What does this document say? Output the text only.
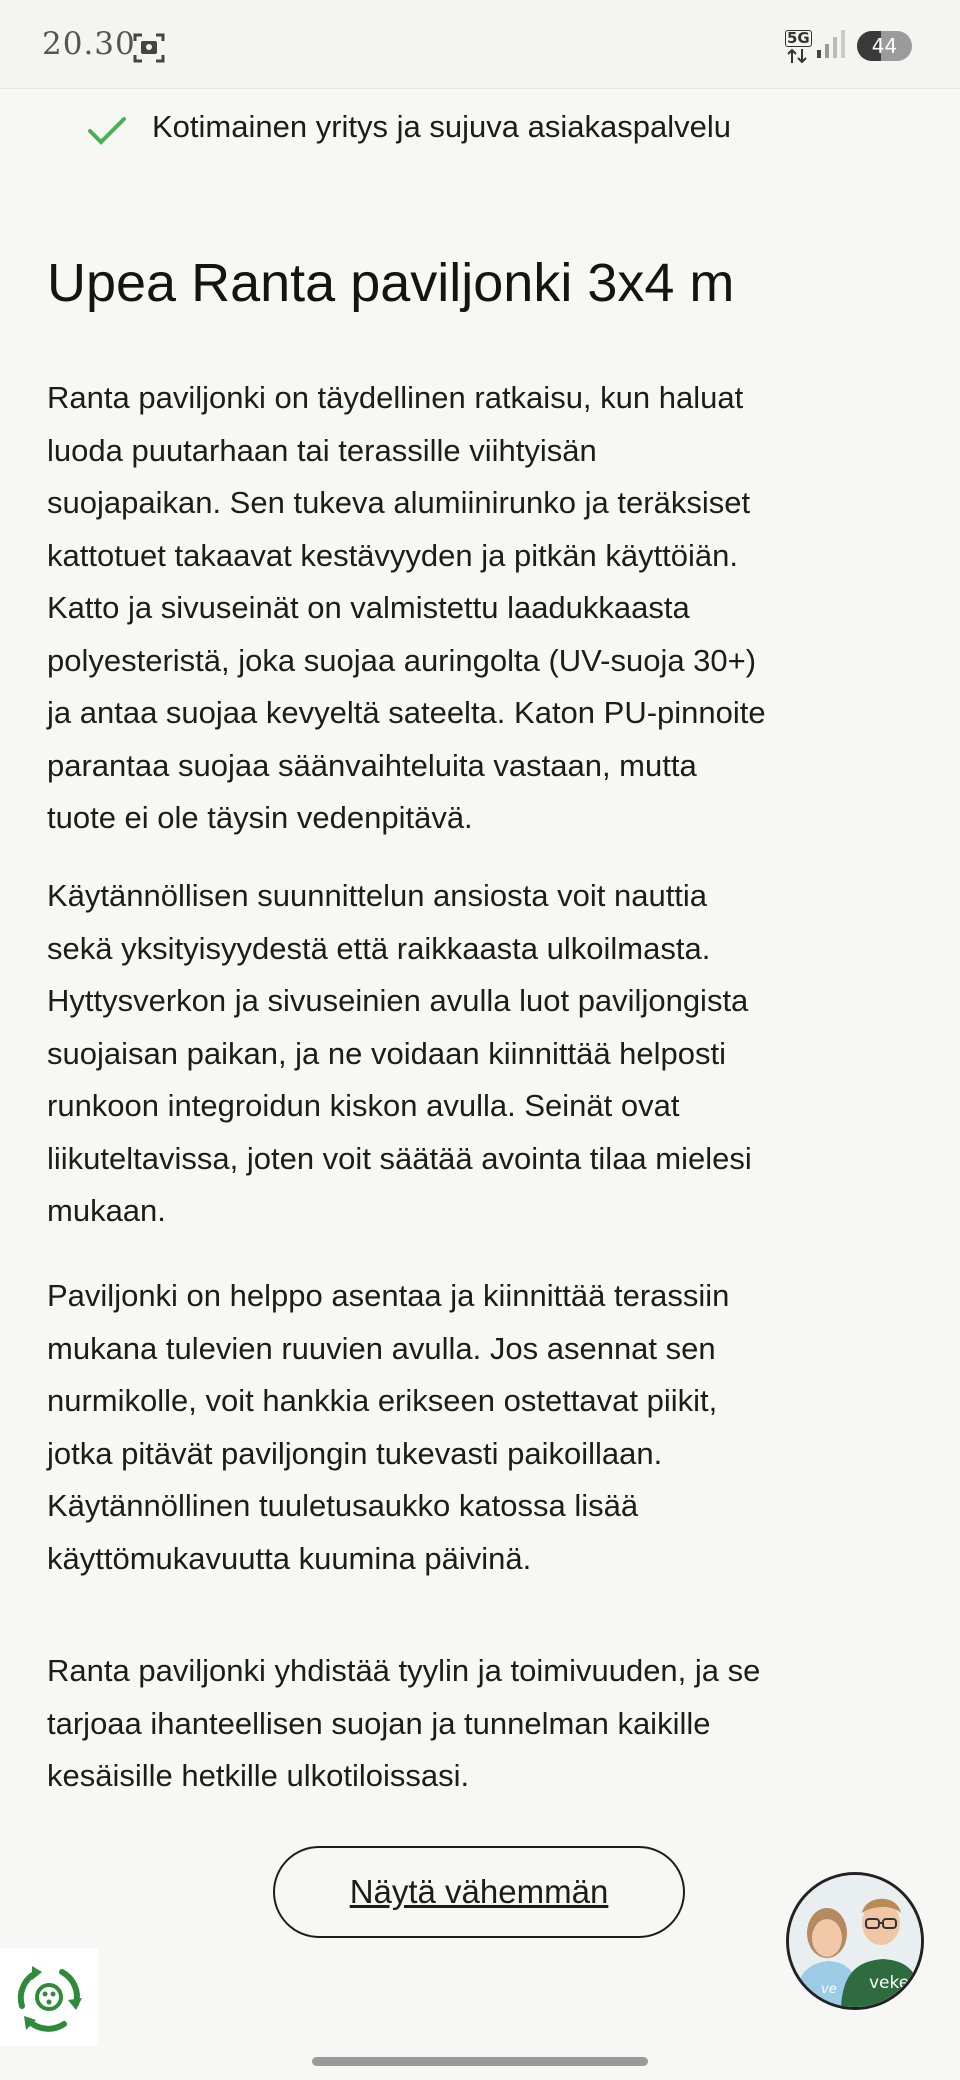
20.30	5G	44
Kotimainen yritys ja sujuva asiakaspalvelu
Upea Ranta paviljonki 3x4 m

Ranta paviljonki on täydellinen ratkaisu, kun haluat
luoda puutarhaan tai terassille viihtyisän
suojapaikan. Sen tukeva alumiinirunko ja teräksiset
kattotuet takaavat kestävyyden ja pitkän käyttöiän.
Katto ja sivuseinät on valmistettu laadukkaasta
polyesteristä, joka suojaa auringolta (UV-suoja 30+)
ja antaa suojaa kevyeltä sateelta. Katon PU-pinnoite
parantaa suojaa säänvaihteluita vastaan, mutta
tuote ei ole täysin vedenpitävä.

Käytännöllisen suunnittelun ansiosta voit nauttia
sekä yksityisyydestä että raikkaasta ulkoilmasta.
Hyttysverkon ja sivuseinien avulla luot paviljongista
suojaisan paikan, ja ne voidaan kiinnittää helposti
runkoon integroidun kiskon avulla. Seinät ovat
liikuteltavissa, joten voit säätää avointa tilaa mielesi
mukaan.

Paviljonki on helppo asentaa ja kiinnittää terassiin
mukana tulevien ruuvien avulla. Jos asennat sen
nurmikolle, voit hankkia erikseen ostettavat piikit,
jotka pitävät paviljongin tukevasti paikoillaan.
Käytännöllinen tuuletusaukko katossa lisää
käyttömukavuutta kuumina päivinä.

Ranta paviljonki yhdistää tyylin ja toimivuuden, ja se
tarjoaa ihanteellisen suojan ja tunnelman kaikille
kesäisille hetkille ulkotiloissasi.

Näytä vähemmän
ve veke
